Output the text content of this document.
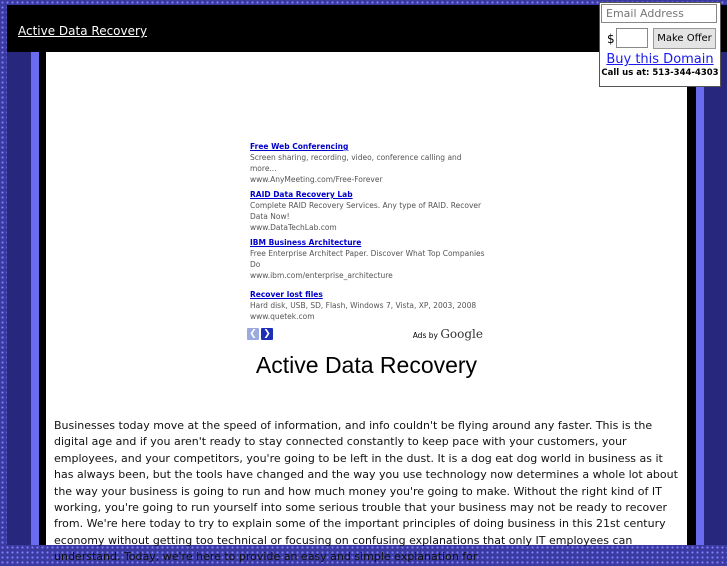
Active Data Recovery
Free Web Conferencing
Screen sharing, recording, video, conference calling and more...
www.AnyMeeting.com/Free-Forever
RAID Data Recovery Lab
Complete RAID Recovery Services. Any type of RAID. Recover Data Now!
www.DataTechLab.com
IBM Business Architecture
Free Enterprise Architect Paper. Discover What Top Companies Do
www.ibm.com/enterprise_architecture
Recover lost files
Hard disk, USB, SD, Flash, Windows 7, Vista, XP, 2003, 2008
www.quetek.com
❮ ❯	Ads by Google
Active Data Recovery
Businesses today move at the speed of information, and info couldn't be flying around any faster. This is the digital age and if you aren't ready to stay connected constantly to keep pace with your customers, your employees, and your competitors, you're going to be left in the dust. It is a dog eat dog world in business as it has always been, but the tools have changed and the way you use technology now determines a whole lot about the way your business is going to run and how much money you're going to make. Without the right kind of IT working, you're going to run yourself into some serious trouble that your business may not be ready to recover from. We're here today to try to explain some of the important principles of doing business in this 21st century economy without getting too technical or focusing on confusing explanations that only IT employees can understand. Today, we're here to provide an easy and simple explanation for
Email Address
$	Make Offer
Buy this Domain
Call us at: 513-344-4303
